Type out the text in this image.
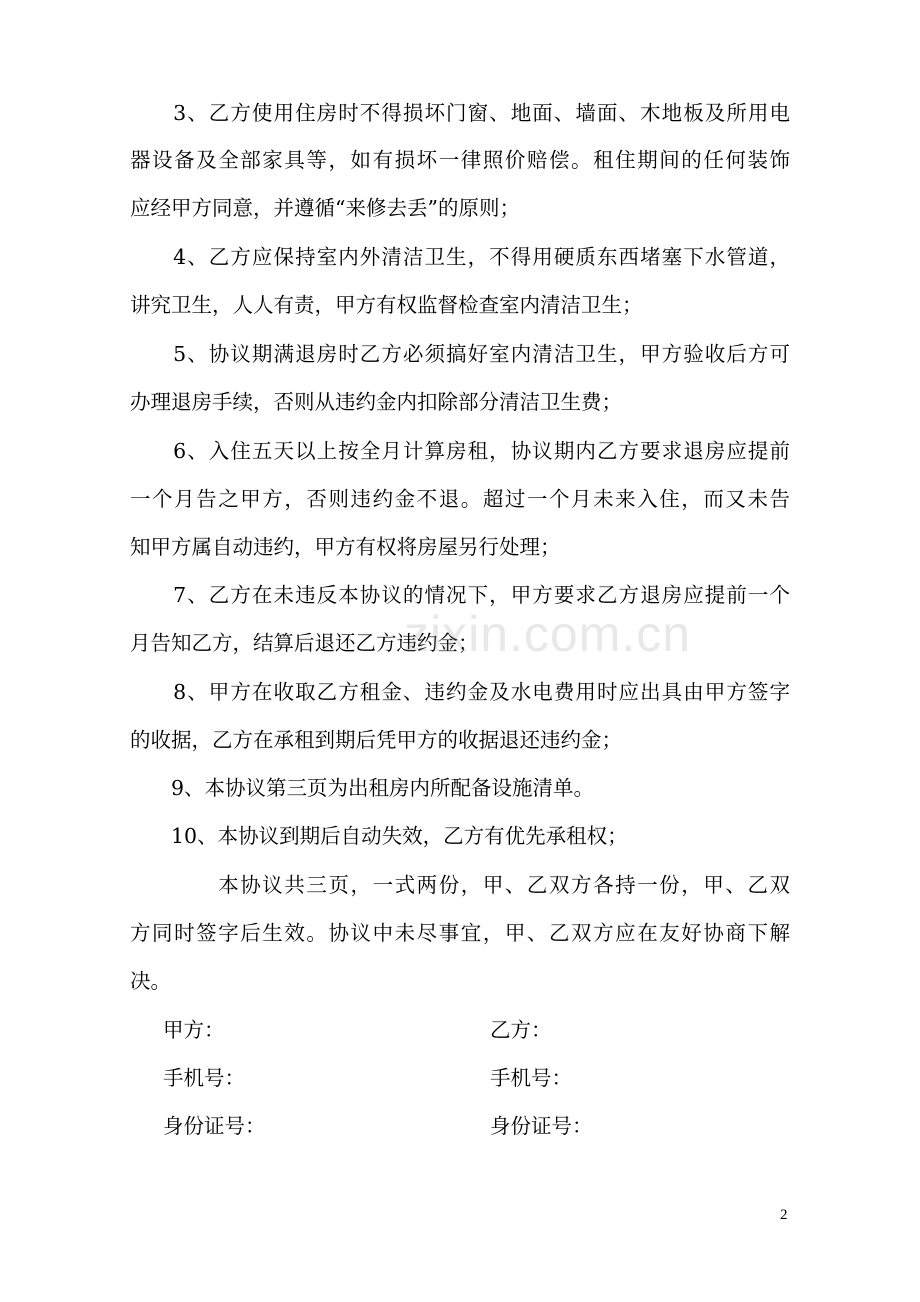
　　3、乙方使用住房时不得损坏门窗、地面、墙面、木地板及所用电
器设备及全部家具等，如有损坏一律照价赔偿。租住期间的任何装饰
应经甲方同意，并遵循“来修去丢”的原则；
　　4、乙方应保持室内外清洁卫生，不得用硬质东西堵塞下水管道，
讲究卫生，人人有责，甲方有权监督检查室内清洁卫生；
　　5、协议期满退房时乙方必须搞好室内清洁卫生，甲方验收后方可
办理退房手续，否则从违约金内扣除部分清洁卫生费；
　　6、入住五天以上按全月计算房租，协议期内乙方要求退房应提前
一个月告之甲方，否则违约金不退。超过一个月未来入住，而又未告
知甲方属自动违约，甲方有权将房屋另行处理；
　　7、乙方在未违反本协议的情况下，甲方要求乙方退房应提前一个
月告知乙方，结算后退还乙方违约金；
　　8、甲方在收取乙方租金、违约金及水电费用时应出具由甲方签字
的收据，乙方在承租到期后凭甲方的收据退还违约金；
　　9、本协议第三页为出租房内所配备设施清单。
　　10、本协议到期后自动失效，乙方有优先承租权；
　　　　本协议共三页，一式两份，甲、乙双方各持一份，甲、乙双
方同时签字后生效。协议中未尽事宜，甲、乙双方应在友好协商下解
决。
甲方：	乙方：
手机号：	手机号：
身份证号：	身份证号：
zixin.com.cn
2
